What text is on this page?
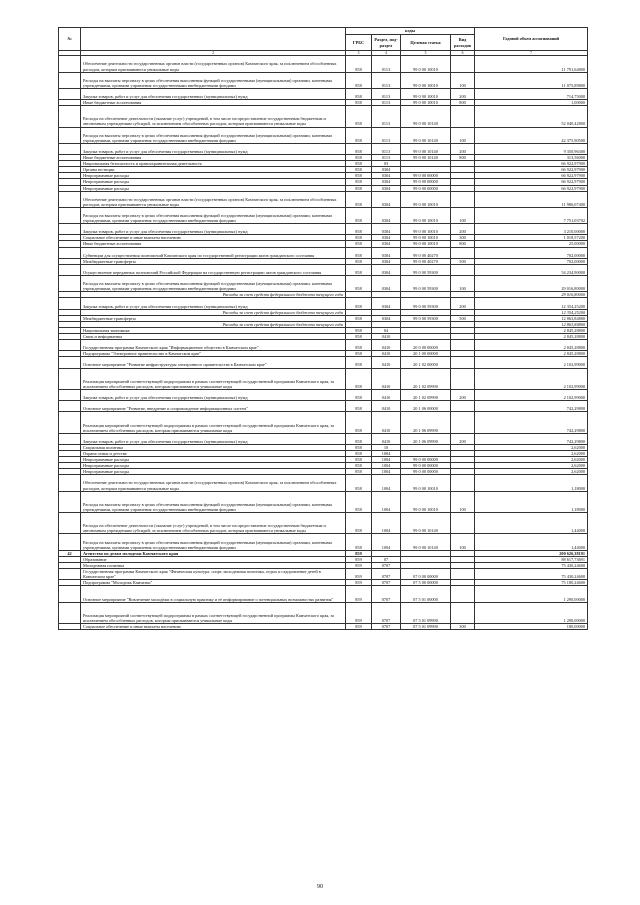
№		коды				Годовой объем ассигнований
		ГРБС	Раздел, под-раздел	Целевая статья	Вид расходов	
	2	3	4	5	6	7
	Обеспечение деятельности государственных органов власти (государственных органов) Камчатского края, за исключением обособленных расходов, которым присваиваются уникальные коды	858	0113	99 0 00 10010		11 791,64800
	Расходы на выплаты персоналу в целях обеспечения выполнения функций государственными (муниципальными) органами, казенными учреждениями, органами управления государственными внебюджетными фондами	858	0113	99 0 00 10010	100	11 075,89800
	Закупка товаров, работ и услуг для обеспечения государственных (муниципальных) нужд	858	0113	99 0 00 10010	200	714,75000
	Иные бюджетные ассигнования	858	0113	99 0 00 10010	800	1,00000
	Расходы на обеспечение деятельности (оказание услуг) учреждений, в том числе на предоставление государственным бюджетным и автономным учреждениям субсидий, за исключением обособленных расходов, которым присваиваются уникальные коды	858	0113	99 0 00 10140		52 040,42800
	Расходы на выплаты персоналу в целях обеспечения выполнения функций государственными (муниципальными) органами, казенными учреждениями, органами управления государственными внебюджетными фондами	858	0113	99 0 00 10140	100	42 375,90500
	Закупка товаров, работ и услуг для обеспечения государственных (муниципальных) нужд	858	0113	99 0 00 10140	200	9 350,96300
	Иные бюджетные ассигнования	858	0113	99 0 00 10140	800	313,56000
	Национальная безопасность и правоохранительная деятельность	858	03			66 922,97900
	Органы юстиции	858	0304			66 922,97900
	Непрограммные расходы	858	0304	99 0 00 00000		66 922,97900
	Непрограммные расходы	858	0304	99 0 00 00000		66 922,97900
	Непрограммные расходы	858	0304	99 0 00 00000		66 922,97900
	Обеспечение деятельности государственных органов власти (государственных органов) Камчатского края, за исключением обособленных расходов, которым присваиваются уникальные коды	858	0304	99 0 00 10010		11 986,07400
	Расходы на выплаты персоналу в целях обеспечения выполнения функций государственными (муниципальными) органами, казенными учреждениями, органами управления государственными внебюджетными фондами	858	0304	99 0 00 10010	100	7 751,03702
	Закупка товаров, работ и услуг для обеспечения государственных (муниципальных) нужд	858	0304	99 0 00 10010	200	3 210,00000
	Социальное обеспечение и иные выплаты населению	858	0304	99 0 00 10010	300	1 018,57200
	Иные бюджетные ассигнования	858	0304	99 0 00 10010	800	25,00000
	Субвенции для осуществления полномочий Камчатского края по государственной регистрации актов гражданского состояния	858	0304	99 0 00 40270		702,00000
	Межбюджетные трансферты	858	0304	99 0 00 40270	500	702,00000
	Осуществление переданных полномочий Российской Федерации на государственную регистрацию актов гражданского состояния	858	0304	99 0 00 59300		54 234,90000
	Расходы на выплаты персоналу в целях обеспечения выполнения функций государственными (муниципальными) органами, казенными учреждениями, органами управления государственными внебюджетными фондами	858	0304	99 0 00 59300	100	29 016,80000
	Расходы за счет средств федерального бюджета текущего года					29 016,80000
	Закупка товаров, работ и услуг для обеспечения государственных (муниципальных) нужд	858	0304	99 0 00 59300	200	12 354,25200
	Расходы за счет средств федерального бюджета текущего года					12 354,25200
	Межбюджетные трансферты	858	0304	99 0 00 59300	500	12 863,84800
	Расходы за счет средств федерального бюджета текущего года					12 863,84800
	Национальная экономика	858	04			2 845,28800
	Связь и информатика	858	0410			2 845,28800
	Государственная программа Камчатского края "Информационное общество в Камчатском крае"	858	0410	20 0 00 00000		2 845,28800
	Подпрограмма "Электронное правительство в Камчатском крае"	858	0410	20 1 00 00000		2 845,28800
	Основное мероприятие "Развитие инфраструктуры электронного правительства в Камчатском крае"	858	0410	20 1 02 00000		2 102,99000
	Реализация мероприятий соответствующей подпрограммы в рамках соответствующей государственной программы Камчатского края, за исключением обособленных расходов, которым присваиваются уникальные коды	858	0410	20 1 02 09990		2 102,99000
	Закупка товаров, работ и услуг для обеспечения государственных (муниципальных) нужд	858	0410	20 1 02 09990	200	2 102,99000
	Основное мероприятие "Развитие, внедрение и сопровождение информационных систем"	858	0410	20 1 06 00000		742,29800
	Реализация мероприятий соответствующей подпрограммы в рамках соответствующей государственной программы Камчатского края, за исключением обособленных расходов, которым присваиваются уникальные коды	858	0410	20 1 06 09990		742,29800
	Закупка товаров, работ и услуг для обеспечения государственных (муниципальных) нужд	858	0410	20 1 06 09990	200	742,29800
	Социальная политика	858	10			2,62000
	Охрана семьи и детства	858	1004			2,62000
	Непрограммные расходы	858	1004	99 0 00 00000		2,62000
	Непрограммные расходы	858	1004	99 0 00 00000		2,62000
	Непрограммные расходы	858	1004	99 0 00 00000		2,62000
	Обеспечение деятельности государственных органов власти (государственных органов) Камчатского края, за исключением обособленных расходов, которым присваиваются уникальные коды	858	1004	99 0 00 10010		1,18000
	Расходы на выплаты персоналу в целях обеспечения выполнения функций государственными (муниципальными) органами, казенными учреждениями, органами управления государственными внебюджетными фондами	858	1004	99 0 00 10010	100	1,18000
	Расходы на обеспечение деятельности (оказание услуг) учреждений, в том числе на предоставление государственным бюджетным и автономным учреждениям субсидий, за исключением обособленных расходов, которым присваиваются уникальные коды	858	1004	99 0 00 10140		1,44000
	Расходы на выплаты персоналу в целях обеспечения выполнения функций государственными (муниципальными) органами, казенными учреждениями, органами управления государственными внебюджетными фондами	858	1004	99 0 00 10140	100	1,44000
42	Агентство по делам молодежи Камчатского края	859				200 626,38191
	Образование	859	07			88 617,73691
	Молодежная политика	859	0707			75 430,24600
	Государственная программа Камчатского края "Физическая культура, спорт, молодежная политика, отдых и оздоровление детей в Камчатском крае"	859	0707	07 0 00 00000		75 430,24600
	Подпрограмма "Молодежь Камчатки"	859	0707	07 5 00 00000		75 180,24600
	Основное мероприятие "Вовлечение молодёжи в социальную практику и её информирование о потенциальных возможностях развития"	859	0707	07 5 01 00000		1 290,00000
	Реализация мероприятий соответствующей подпрограммы в рамках соответствующей государственной программы Камчатского края, за исключением обособленных расходов, которым присваиваются уникальные коды	859	0707	07 5 01 09990		1 290,00000
	Социальное обеспечение и иные выплаты населению	859	0707	07 5 01 09990	300	180,00000
90
